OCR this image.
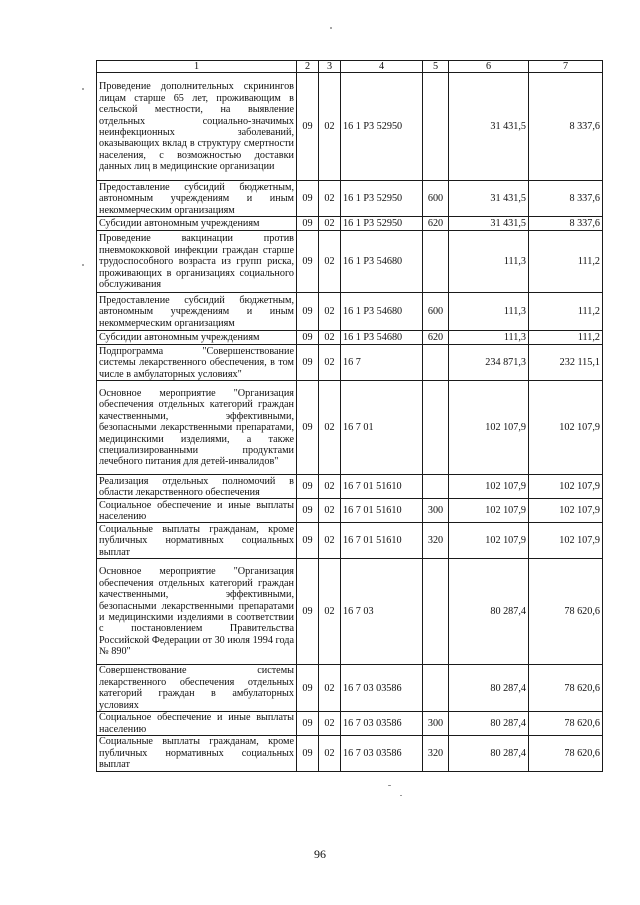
1	2	3	4	5	6	7
Проведение дополнительных скринингов лицам старше 65 лет, проживающим в сельской местности, на выявление отдельных социально-значимых неинфекционных заболеваний, оказывающих вклад в структуру смертности населения, с возможностью доставки данных лиц в медицинские организации	09	02	16 1 P3 52950		31 431,5	8 337,6
Предоставление субсидий бюджетным, автономным учреждениям и иным некоммерческим организациям	09	02	16 1 P3 52950	600	31 431,5	8 337,6
Субсидии автономным учреждениям	09	02	16 1 P3 52950	620	31 431,5	8 337,6
Проведение вакцинации против пневмококковой инфекции граждан старше трудоспособного возраста из групп риска, проживающих в организациях социального обслуживания	09	02	16 1 P3 54680		111,3	111,2
Предоставление субсидий бюджетным, автономным учреждениям и иным некоммерческим организациям	09	02	16 1 P3 54680	600	111,3	111,2
Субсидии автономным учреждениям	09	02	16 1 P3 54680	620	111,3	111,2
Подпрограмма "Совершенствование системы лекарственного обеспечения, в том числе в амбулаторных условиях"	09	02	16 7		234 871,3	232 115,1
Основное мероприятие "Организация обеспечения отдельных категорий граждан качественными, эффективными, безопасными лекарственными препаратами, медицинскими изделиями, а также специализированными продуктами лечебного питания для детей-инвалидов"	09	02	16 7 01		102 107,9	102 107,9
Реализация отдельных полномочий в области лекарственного обеспечения	09	02	16 7 01 51610		102 107,9	102 107,9
Социальное обеспечение и иные выплаты населению	09	02	16 7 01 51610	300	102 107,9	102 107,9
Социальные выплаты гражданам, кроме публичных нормативных социальных выплат	09	02	16 7 01 51610	320	102 107,9	102 107,9
Основное мероприятие "Организация обеспечения отдельных категорий граждан качественными, эффективными, безопасными лекарственными препаратами и медицинскими изделиями в соответствии с постановлением Правительства Российской Федерации от 30 июля 1994 года № 890"	09	02	16 7 03		80 287,4	78 620,6
Совершенствование системы лекарственного обеспечения отдельных категорий граждан в амбулаторных условиях	09	02	16 7 03 03586		80 287,4	78 620,6
Социальное обеспечение и иные выплаты населению	09	02	16 7 03 03586	300	80 287,4	78 620,6
Социальные выплаты гражданам, кроме публичных нормативных социальных выплат	09	02	16 7 03 03586	320	80 287,4	78 620,6
96
